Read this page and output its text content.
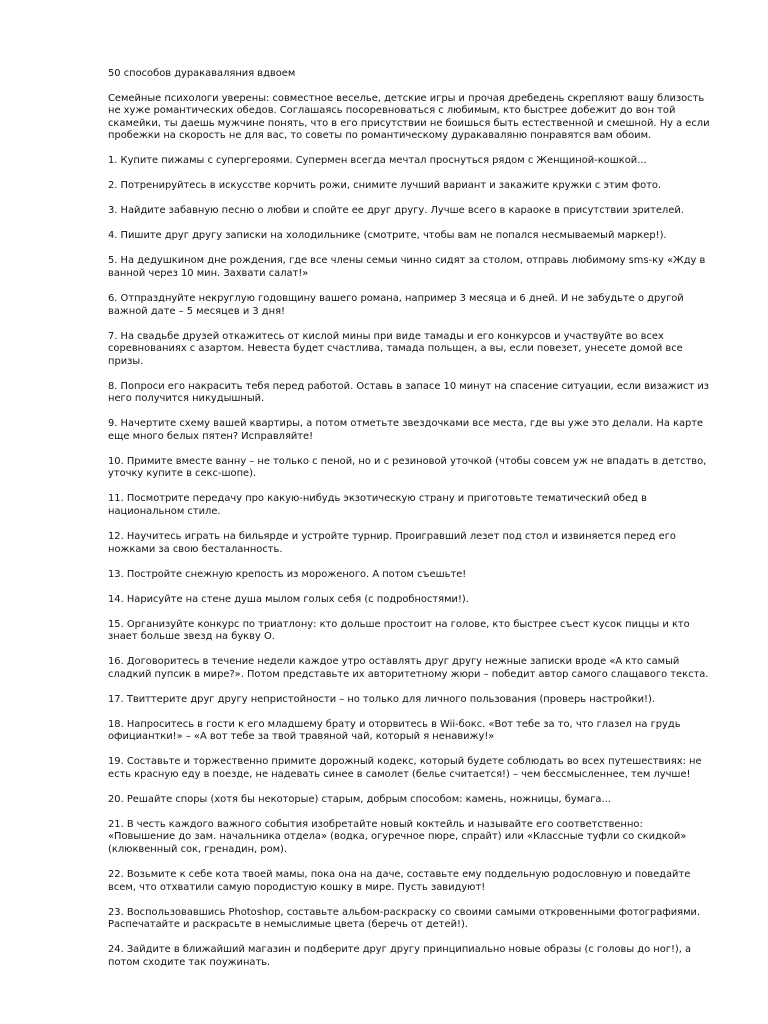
50 способов дуракаваляния вдвоем

Семейные психологи уверены: совместное веселье, детские игры и прочая дребедень скрепляют вашу близость не хуже романтических обедов. Соглашаясь посоревноваться с любимым, кто быстрее добежит до вон той скамейки, ты даешь мужчине понять, что в его присутствии не боишься быть естественной и смешной. Ну а если пробежки на скорость не для вас, то советы по романтическому дуракаваляню понравятся вам обоим.

1. Купите пижамы с супергероями. Супермен всегда мечтал проснуться рядом с Женщиной-кошкой...
2. Потренируйтесь в искусстве корчить рожи, снимите лучший вариант и закажите кружки с этим фото.
3. Найдите забавную песню о любви и спойте ее друг другу. Лучше всего в караоке в присутствии зрителей.
4. Пишите друг другу записки на холодильнике (смотрите, чтобы вам не попался несмываемый маркер!).
5. На дедушкином дне рождения, где все члены семьи чинно сидят за столом, отправь любимому sms-ку «Жду в ванной через 10 мин. Захвати салат!»
6. Отпразднуйте некруглую годовщину вашего романа, например 3 месяца и 6 дней. И не забудьте о другой важной дате – 5 месяцев и 3 дня!
7. На свадьбе друзей откажитесь от кислой мины при виде тамады и его конкурсов и участвуйте во всех соревнованиях с азартом. Невеста будет счастлива, тамада польщен, а вы, если повезет, унесете домой все призы.
8. Попроси его накрасить тебя перед работой. Оставь в запасе 10 минут на спасение ситуации, если визажист из него получится никудышный.
9. Начертите схему вашей квартиры, а потом отметьте звездочками все места, где вы уже это делали. На карте еще много белых пятен? Исправляйте!
10. Примите вместе ванну – не только с пеной, но и с резиновой уточкой (чтобы совсем уж не впадать в детство, уточку купите в секс-шопе).
11. Посмотрите передачу про какую-нибудь экзотическую страну и приготовьте тематический обед в национальном стиле.
12. Научитесь играть на бильярде и устройте турнир. Проигравший лезет под стол и извиняется перед его ножками за свою бесталанность.
13. Постройте снежную крепость из мороженого. А потом съешьте!
14. Нарисуйте на стене душа мылом голых себя (с подробностями!).
15. Организуйте конкурс по триатлону: кто дольше простоит на голове, кто быстрее съест кусок пиццы и кто знает больше звезд на букву О.
16. Договоритесь в течение недели каждое утро оставлять друг другу нежные записки вроде «А кто самый сладкий пупсик в мире?». Потом представьте их авторитетному жюри – победит автор самого слащавого текста.
17. Твиттерите друг другу непристойности – но только для личного пользования (проверь настройки!).
18. Напроситесь в гости к его младшему брату и оторвитесь в Wii-бокс. «Вот тебе за то, что глазел на грудь официантки!» – «А вот тебе за твой травяной чай, который я ненавижу!»
19. Составьте и торжественно примите дорожный кодекс, который будете соблюдать во всех путешествиях: не есть красную еду в поезде, не надевать синее в самолет (белье считается!) – чем бессмысленнее, тем лучше!
20. Решайте споры (хотя бы некоторые) старым, добрым способом: камень, ножницы, бумага...
21. В честь каждого важного события изобретайте новый коктейль и называйте его соответственно: «Повышение до зам. начальника отдела» (водка, огуречное пюре, спрайт) или «Классные туфли со скидкой» (клюквенный сок, гренадин, ром).
22. Возьмите к себе кота твоей мамы, пока она на даче, составьте ему поддельную родословную и поведайте всем, что отхватили самую породистую кошку в мире. Пусть завидуют!
23. Воспользовавшись Photoshop, составьте альбом-раскраску со своими самыми откровенными фотографиями. Распечатайте и раскрасьте в немыслимые цвета (беречь от детей!).
24. Зайдите в ближайший магазин и подберите друг другу принципиально новые образы (с головы до ног!), а потом сходите так поужинать.
